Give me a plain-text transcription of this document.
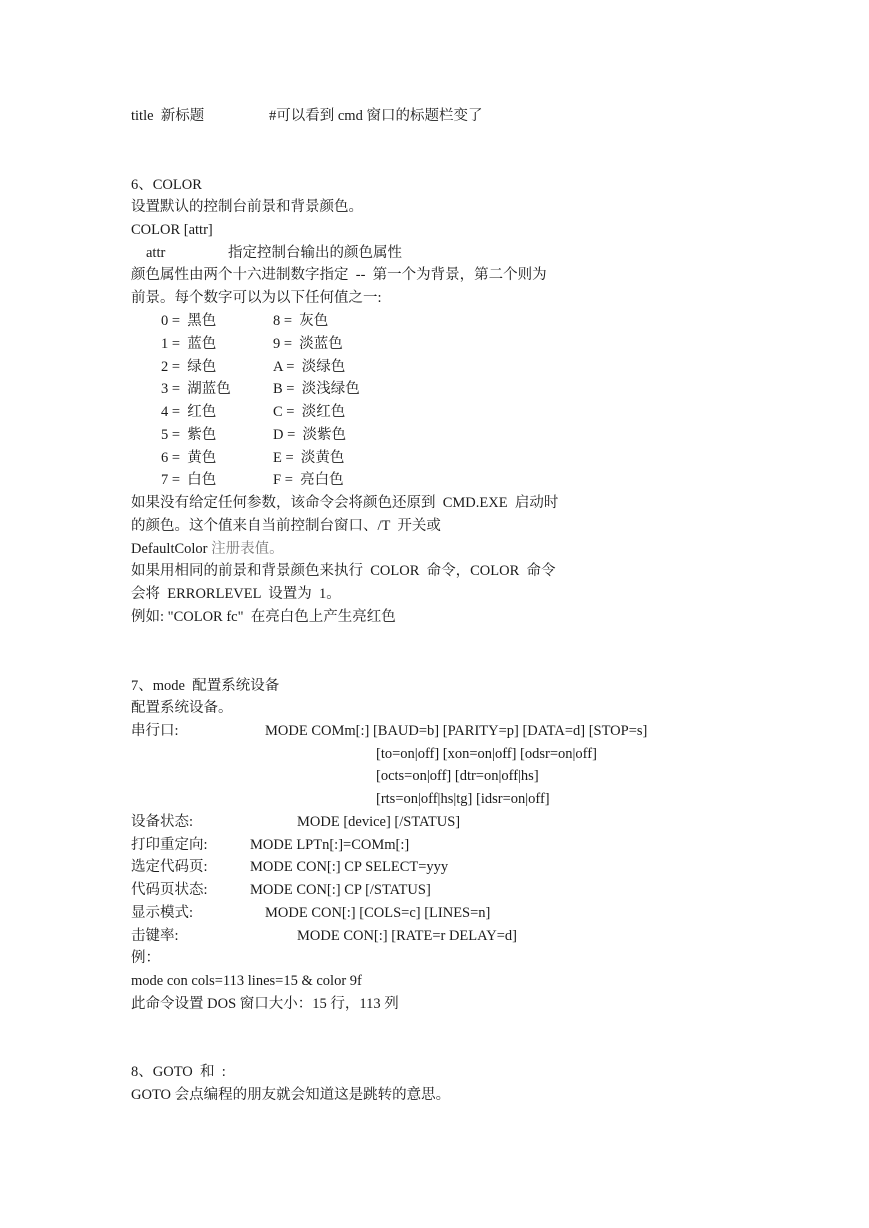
title  新标题	#可以看到 cmd 窗口的标题栏变了
6、COLOR
设置默认的控制台前景和背景颜色。
COLOR [attr]
attr	指定控制台输出的颜色属性
颜色属性由两个十六进制数字指定  --  第一个为背景，第二个则为
前景。每个数字可以为以下任何值之一:
0 =  黑色	8 =  灰色
1 =  蓝色	9 =  淡蓝色
2 =  绿色	A =  淡绿色
3 =  湖蓝色	B =  淡浅绿色
4 =  红色	C =  淡红色
5 =  紫色	D =  淡紫色
6 =  黄色	E =  淡黄色
7 =  白色	F =  亮白色
如果没有给定任何参数，该命令会将颜色还原到  CMD.EXE  启动时
的颜色。这个值来自当前控制台窗口、/T  开关或
DefaultColor 注册表值。
如果用相同的前景和背景颜色来执行  COLOR  命令，COLOR  命令
会将  ERRORLEVEL  设置为  1。
例如: "COLOR fc"  在亮白色上产生亮红色
7、mode  配置系统设备
配置系统设备。
串行口:	MODE COMm[:] [BAUD=b] [PARITY=p] [DATA=d] [STOP=s]
[to=on|off] [xon=on|off] [odsr=on|off]
[octs=on|off] [dtr=on|off|hs]
[rts=on|off|hs|tg] [idsr=on|off]
设备状态:	MODE [device] [/STATUS]
打印重定向:	MODE LPTn[:]=COMm[:]
选定代码页:	MODE CON[:] CP SELECT=yyy
代码页状态:	MODE CON[:] CP [/STATUS]
显示模式:	MODE CON[:] [COLS=c] [LINES=n]
击键率:	MODE CON[:] [RATE=r DELAY=d]
例：
mode con cols=113 lines=15 & color 9f
此命令设置 DOS 窗口大小：15 行，113 列
8、GOTO  和  :
GOTO 会点编程的朋友就会知道这是跳转的意思。
